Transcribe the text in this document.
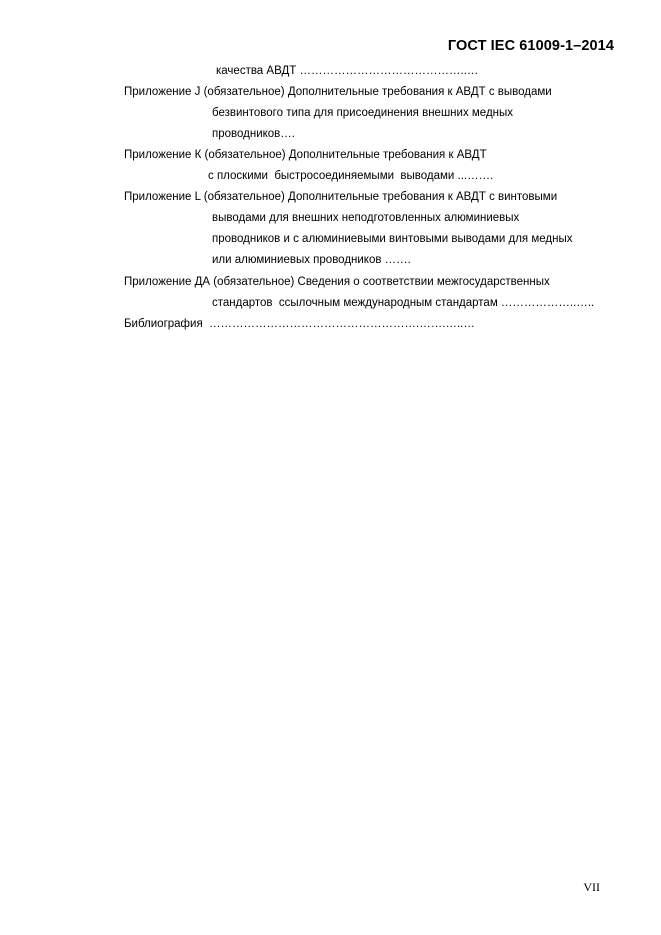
ГОСТ IEC 61009-1–2014
качества АВДТ ……………………………………..…
Приложение J (обязательное) Дополнительные требования к АВДТ с выводами
безвинтового типа для присоединения внешних медных
проводников….
Приложение К (обязательное) Дополнительные требования к АВДТ
с плоскими  быстросоединяемыми  выводами ...…….
Приложение L (обязательное) Дополнительные требования к АВДТ с винтовыми
выводами для внешних неподготовленных алюминиевых
проводников и с алюминиевыми винтовыми выводами для медных
или алюминиевых проводников …….
Приложение ДА (обязательное) Сведения о соответствии межгосударственных
стандартов  ссылочным международным стандартам ………………..…..
Библиография  ……………………………………………….…….…..…
VII
